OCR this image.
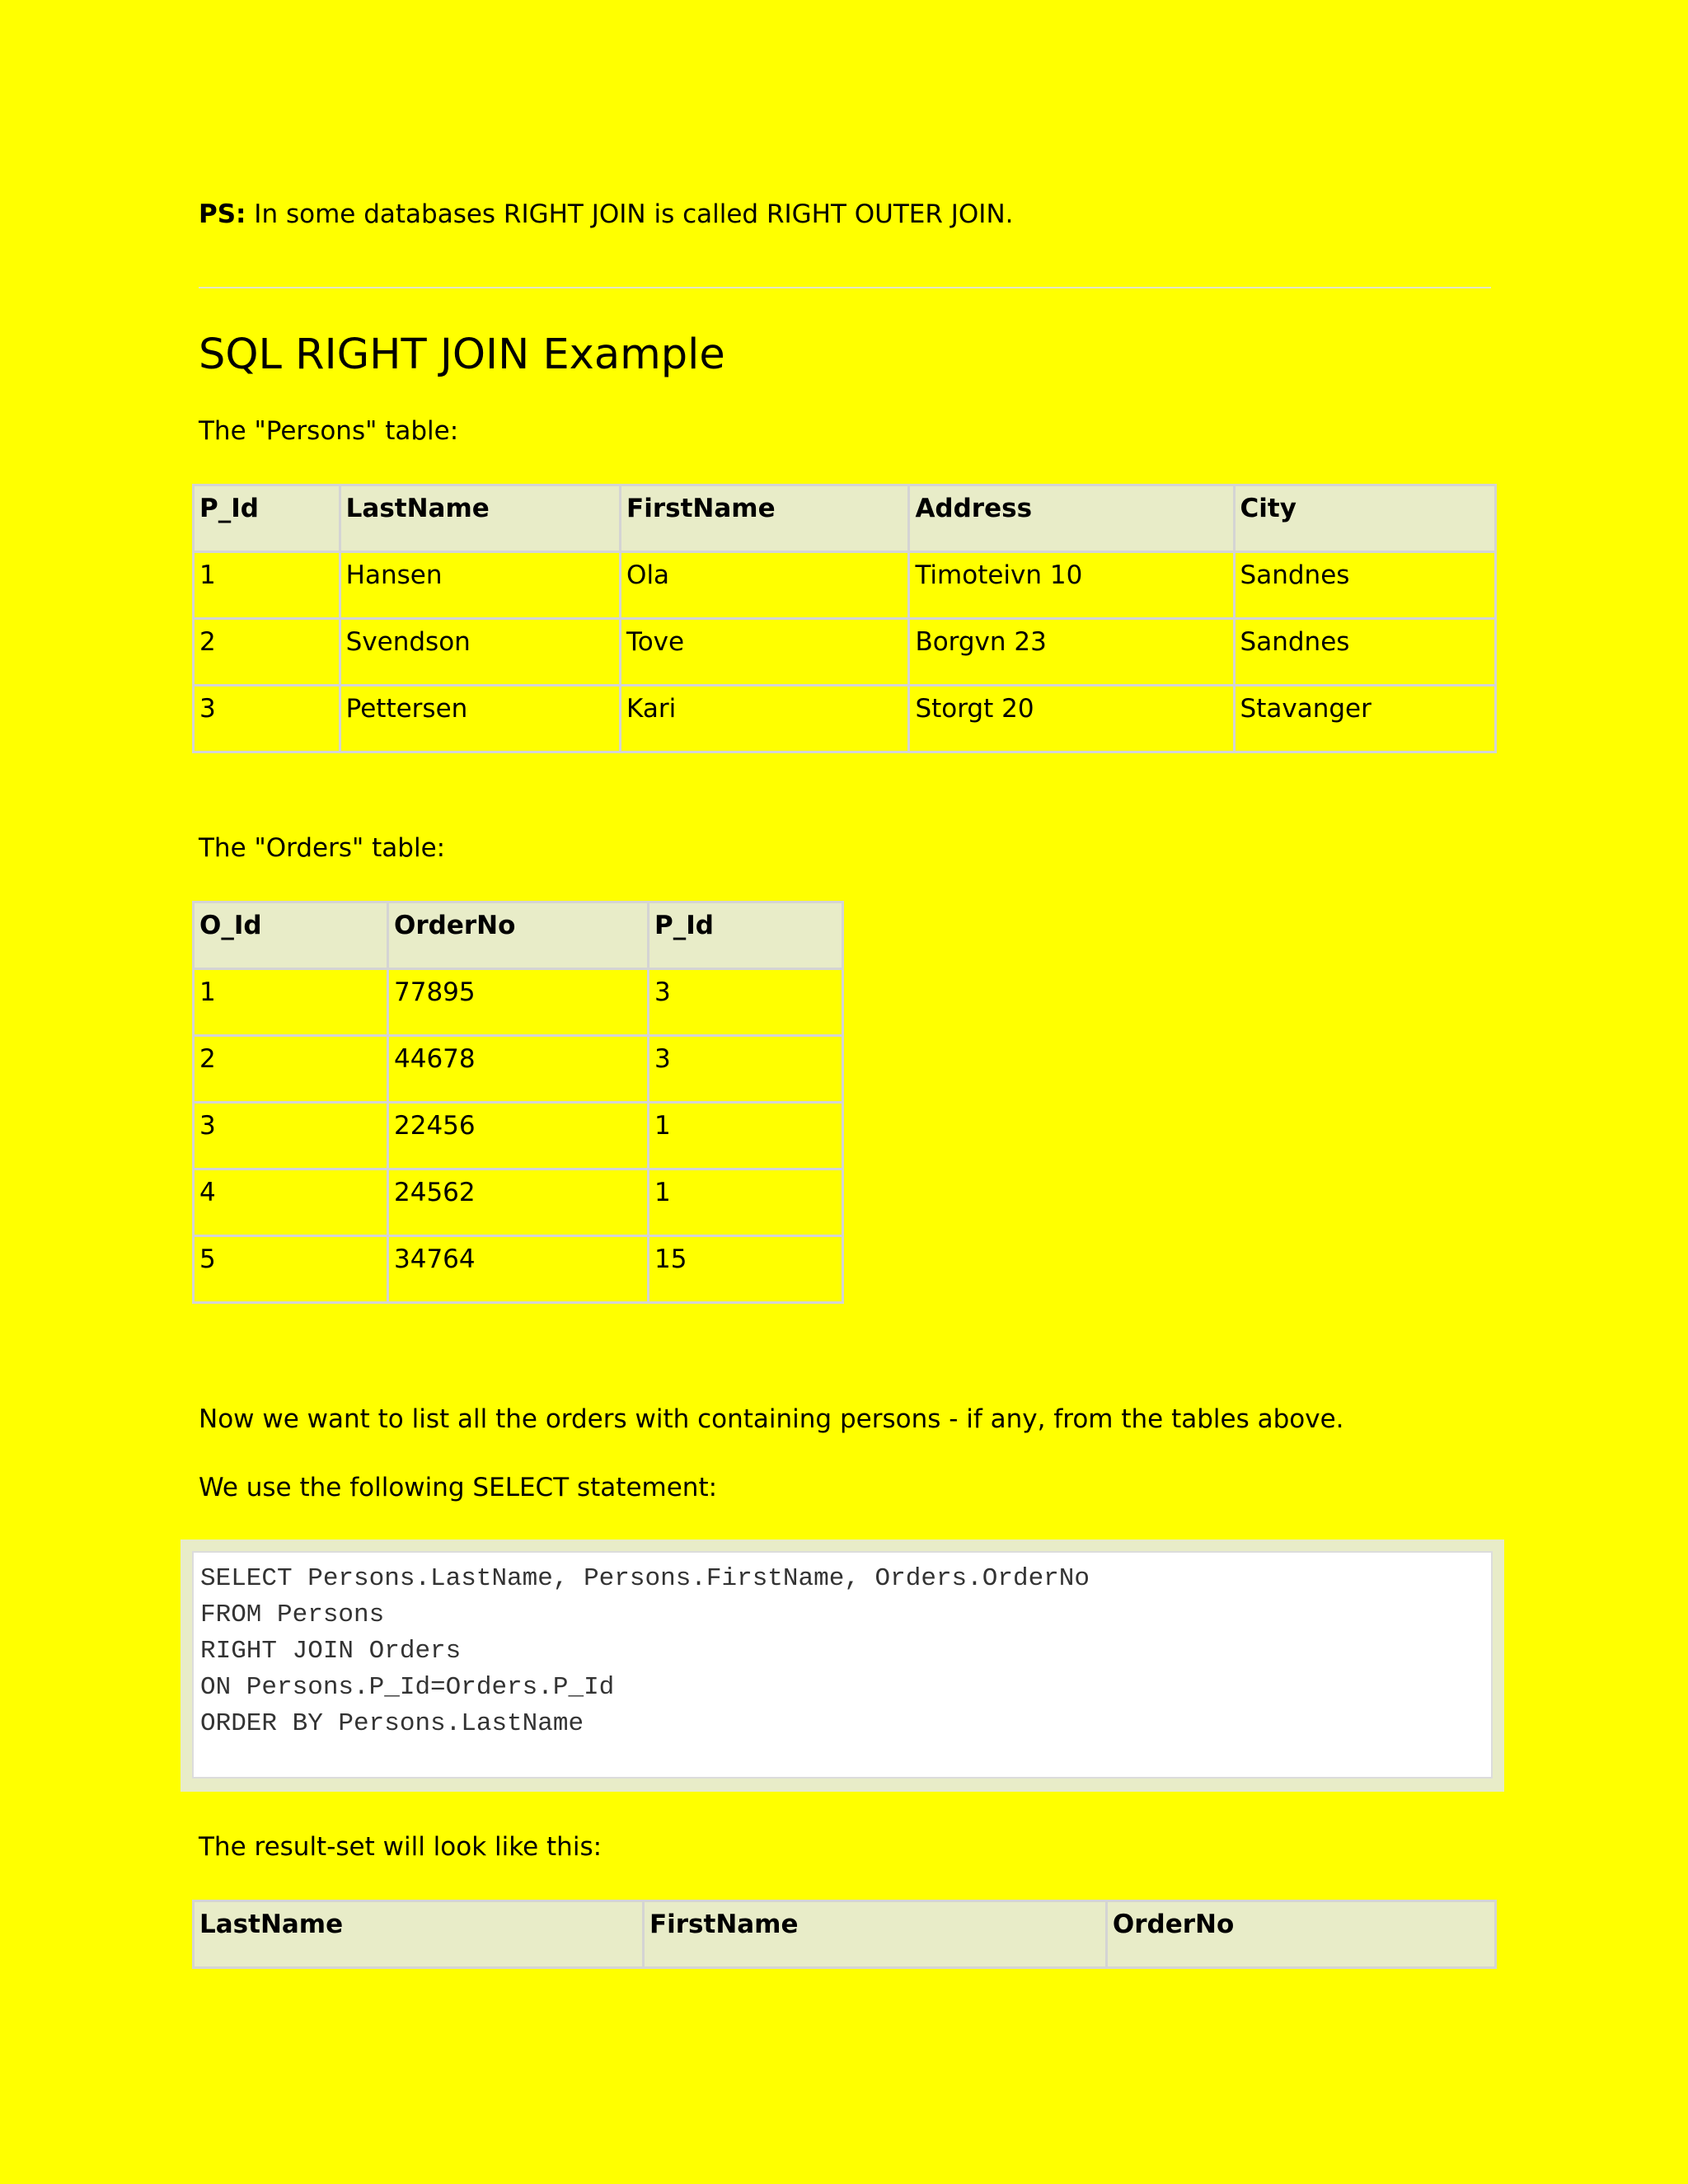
PS: In some databases RIGHT JOIN is called RIGHT OUTER JOIN.

SQL RIGHT JOIN Example

The "Persons" table:

P_Id	LastName	FirstName	Address	City
1	Hansen	Ola	Timoteivn 10	Sandnes
2	Svendson	Tove	Borgvn 23	Sandnes
3	Pettersen	Kari	Storgt 20	Stavanger

The "Orders" table:

O_Id	OrderNo	P_Id
1	77895	3
2	44678	3
3	22456	1
4	24562	1
5	34764	15

Now we want to list all the orders with containing persons - if any, from the tables above.

We use the following SELECT statement:

SELECT Persons.LastName, Persons.FirstName, Orders.OrderNo
FROM Persons
RIGHT JOIN Orders
ON Persons.P_Id=Orders.P_Id
ORDER BY Persons.LastName

The result-set will look like this:

LastName	FirstName	OrderNo
